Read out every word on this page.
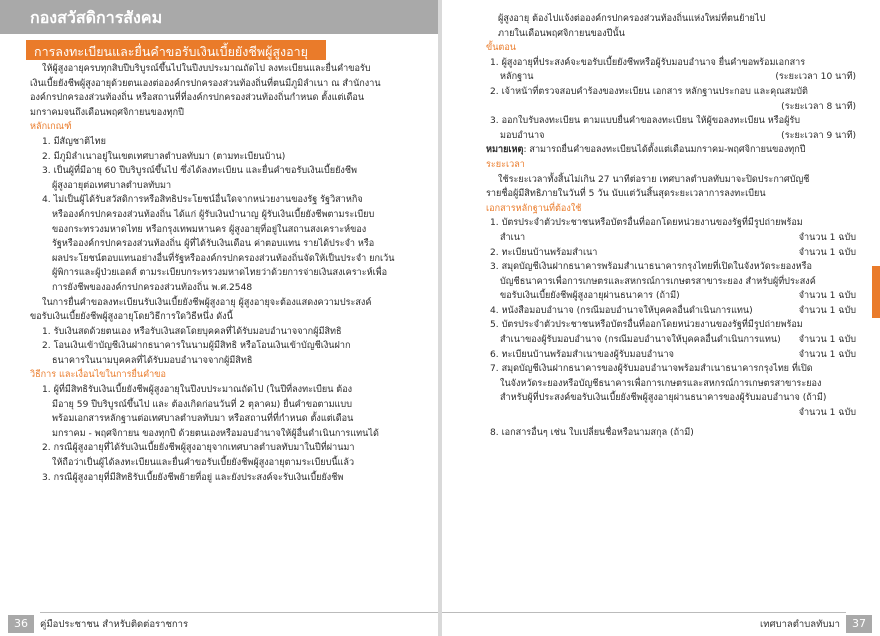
กองสวัสดิการสังคม
การลงทะเบียนและยื่นคำขอรับเงินเบี้ยยังชีพผู้สูงอายุ
ให้ผู้สูงอายุครบทุกสิบปีบริบูรณ์ขึ้นไปในปีงบประมาณถัดไป ลงทะเบียนและยื่นคำขอรับ
เงินเบี้ยยังชีพผู้สูงอายุด้วยตนเองต่อองค์กรปกครองส่วนท้องถิ่นที่ตนมีภูมิลำเนา ณ สำนักงาน
องค์กรปกครองส่วนท้องถิ่น หรือสถานที่ที่องค์กรปกครองส่วนท้องถิ่นกำหนด ตั้งแต่เดือน
มกราคมจนถึงเดือนพฤศจิกายนของทุกปี
หลักเกณฑ์
1. มีสัญชาติไทย
2. มีภูมิลำเนาอยู่ในเขตเทศบาลตำบลทับมา (ตามทะเบียนบ้าน)
3. เป็นผู้ที่มีอายุ 60 ปีบริบูรณ์ขึ้นไป ซึ่งได้ลงทะเบียน และยื่นคำขอรับเงินเบี้ยยังชีพ
ผู้สูงอายุต่อเทศบาลตำบลทับมา
4. ไม่เป็นผู้ได้รับสวัสดิการหรือสิทธิประโยชน์อื่นใดจากหน่วยงานของรัฐ รัฐวิสาหกิจ
หรือองค์กรปกครองส่วนท้องถิ่น ได้แก่ ผู้รับเงินบำนาญ ผู้รับเงินเบี้ยยังชีพตามระเบียบ
ของกระทรวงมหาดไทย หรือกรุงเทพมหานคร ผู้สูงอายุที่อยู่ในสถานสงเคราะห์ของ
รัฐหรือองค์กรปกครองส่วนท้องถิ่น ผู้ที่ได้รับเงินเดือน ค่าตอบแทน รายได้ประจำ หรือ
ผลประโยชน์ตอบแทนอย่างอื่นที่รัฐหรือองค์กรปกครองส่วนท้องถิ่นจัดให้เป็นประจำ ยกเว้น
ผู้พิการและผู้ป่วยเอดส์ ตามระเบียบกระทรวงมหาดไทยว่าด้วยการจ่ายเงินสงเคราะห์เพื่อ
การยังชีพขององค์กรปกครองส่วนท้องถิ่น พ.ศ.2548
ในการยื่นคำขอลงทะเบียนรับเงินเบี้ยยังชีพผู้สูงอายุ ผู้สูงอายุจะต้องแสดงความประสงค์
ขอรับเงินเบี้ยยังชีพผู้สูงอายุโดยวิธีการใดวิธีหนึ่ง ดังนี้
1. รับเงินสดด้วยตนเอง หรือรับเงินสดโดยบุคคลที่ได้รับมอบอำนาจจากผู้มีสิทธิ
2. โอนเงินเข้าบัญชีเงินฝากธนาคารในนามผู้มีสิทธิ หรือโอนเงินเข้าบัญชีเงินฝาก
ธนาคารในนามบุคคลที่ได้รับมอบอำนาจจากผู้มีสิทธิ
วิธีการ และเงื่อนไขในการยื่นคำขอ
1. ผู้ที่มีสิทธิรับเงินเบี้ยยังชีพผู้สูงอายุในปีงบประมาณถัดไป (ในปีที่ลงทะเบียน ต้อง
มีอายุ 59 ปีบริบูรณ์ขึ้นไป และ ต้องเกิดก่อนวันที่ 2 ตุลาคม) ยื่นคำขอตามแบบ
พร้อมเอกสารหลักฐานต่อเทศบาลตำบลทับมา หรือสถานที่ที่กำหนด ตั้งแต่เดือน
มกราคม - พฤศจิกายน ของทุกปี ด้วยตนเองหรือมอบอำนาจให้ผู้อื่นดำเนินการแทนได้
2. กรณีผู้สูงอายุที่ได้รับเงินเบี้ยยังชีพผู้สูงอายุจากเทศบาลตำบลทับมาในปีที่ผ่านมา
ให้ถือว่าเป็นผู้ได้ลงทะเบียนและยื่นคำขอรับเบี้ยยังชีพผู้สูงอายุตามระเบียบนี้แล้ว
3. กรณีผู้สูงอายุที่มีสิทธิรับเบี้ยยังชีพย้ายที่อยู่ และยังประสงค์จะรับเงินเบี้ยยังชีพ
36	คู่มือประชาชน สำหรับติดต่อราชการ
ผู้สูงอายุ ต้องไปแจ้งต่อองค์กรปกครองส่วนท้องถิ่นแห่งใหม่ที่ตนย้ายไป
ภายในเดือนพฤศจิกายนของปีนั้น
ขั้นตอน
1. ผู้สูงอายุที่ประสงค์จะขอรับเบี้ยยังชีพหรือผู้รับมอบอำนาจ ยื่นคำขอพร้อมเอกสาร
หลักฐาน	(ระยะเวลา 10 นาที)
2. เจ้าหน้าที่ตรวจสอบคำร้องของทะเบียน เอกสาร หลักฐานประกอบ และคุณสมบัติ
(ระยะเวลา 8 นาที)
3. ออกใบรับลงทะเบียน ตามแบบยื่นคำขอลงทะเบียน ให้ผู้ขอลงทะเบียน หรือผู้รับ
มอบอำนาจ	(ระยะเวลา 9 นาที)
หมายเหตุ: สามารถยื่นคำขอลงทะเบียนได้ตั้งแต่เดือนมกราคม-พฤศจิกายนของทุกปี
ระยะเวลา
ใช้ระยะเวลาทั้งสิ้นไม่เกิน 27 นาทีต่อราย เทศบาลตำบลทับมาจะปิดประกาศบัญชี
รายชื่อผู้มีสิทธิภายในวันที่ 5 วัน นับแต่วันสิ้นสุดระยะเวลาการลงทะเบียน
เอกสารหลักฐานที่ต้องใช้
1. บัตรประจำตัวประชาชนหรือบัตรอื่นที่ออกโดยหน่วยงานของรัฐที่มีรูปถ่ายพร้อม
สำเนา	จำนวน 1 ฉบับ
2. ทะเบียนบ้านพร้อมสำเนา	จำนวน 1 ฉบับ
3. สมุดบัญชีเงินฝากธนาคารพร้อมสำเนาธนาคารกรุงไทยที่เปิดในจังหวัดระยองหรือ
บัญชีธนาคารเพื่อการเกษตรและสหกรณ์การเกษตรสาขาระยอง สำหรับผู้ที่ประสงค์
ขอรับเงินเบี้ยยังชีพผู้สูงอายุผ่านธนาคาร (ถ้ามี)	จำนวน 1 ฉบับ
4. หนังสือมอบอำนาจ (กรณีมอบอำนาจให้บุคคลอื่นดำเนินการแทน)	จำนวน 1 ฉบับ
5. บัตรประจำตัวประชาชนหรือบัตรอื่นที่ออกโดยหน่วยงานของรัฐที่มีรูปถ่ายพร้อม
สำเนาของผู้รับมอบอำนาจ (กรณีมอบอำนาจให้บุคคลอื่นดำเนินการแทน) จำนวน 1 ฉบับ
6. ทะเบียนบ้านพร้อมสำเนาของผู้รับมอบอำนาจ	จำนวน 1 ฉบับ
7. สมุดบัญชีเงินฝากธนาคารของผู้รับมอบอำนาจพร้อมสำเนาธนาคารกรุงไทย ที่เปิด
ในจังหวัดระยองหรือบัญชีธนาคารเพื่อการเกษตรและสหกรณ์การเกษตรสาขาระยอง
สำหรับผู้ที่ประสงค์ขอรับเงินเบี้ยยังชีพผู้สูงอายุผ่านธนาคารของผู้รับมอบอำนาจ (ถ้ามี)
จำนวน 1 ฉบับ
8. เอกสารอื่นๆ เช่น ใบเปลี่ยนชื่อหรือนามสกุล (ถ้ามี)
เทศบาลตำบลทับมา	37
